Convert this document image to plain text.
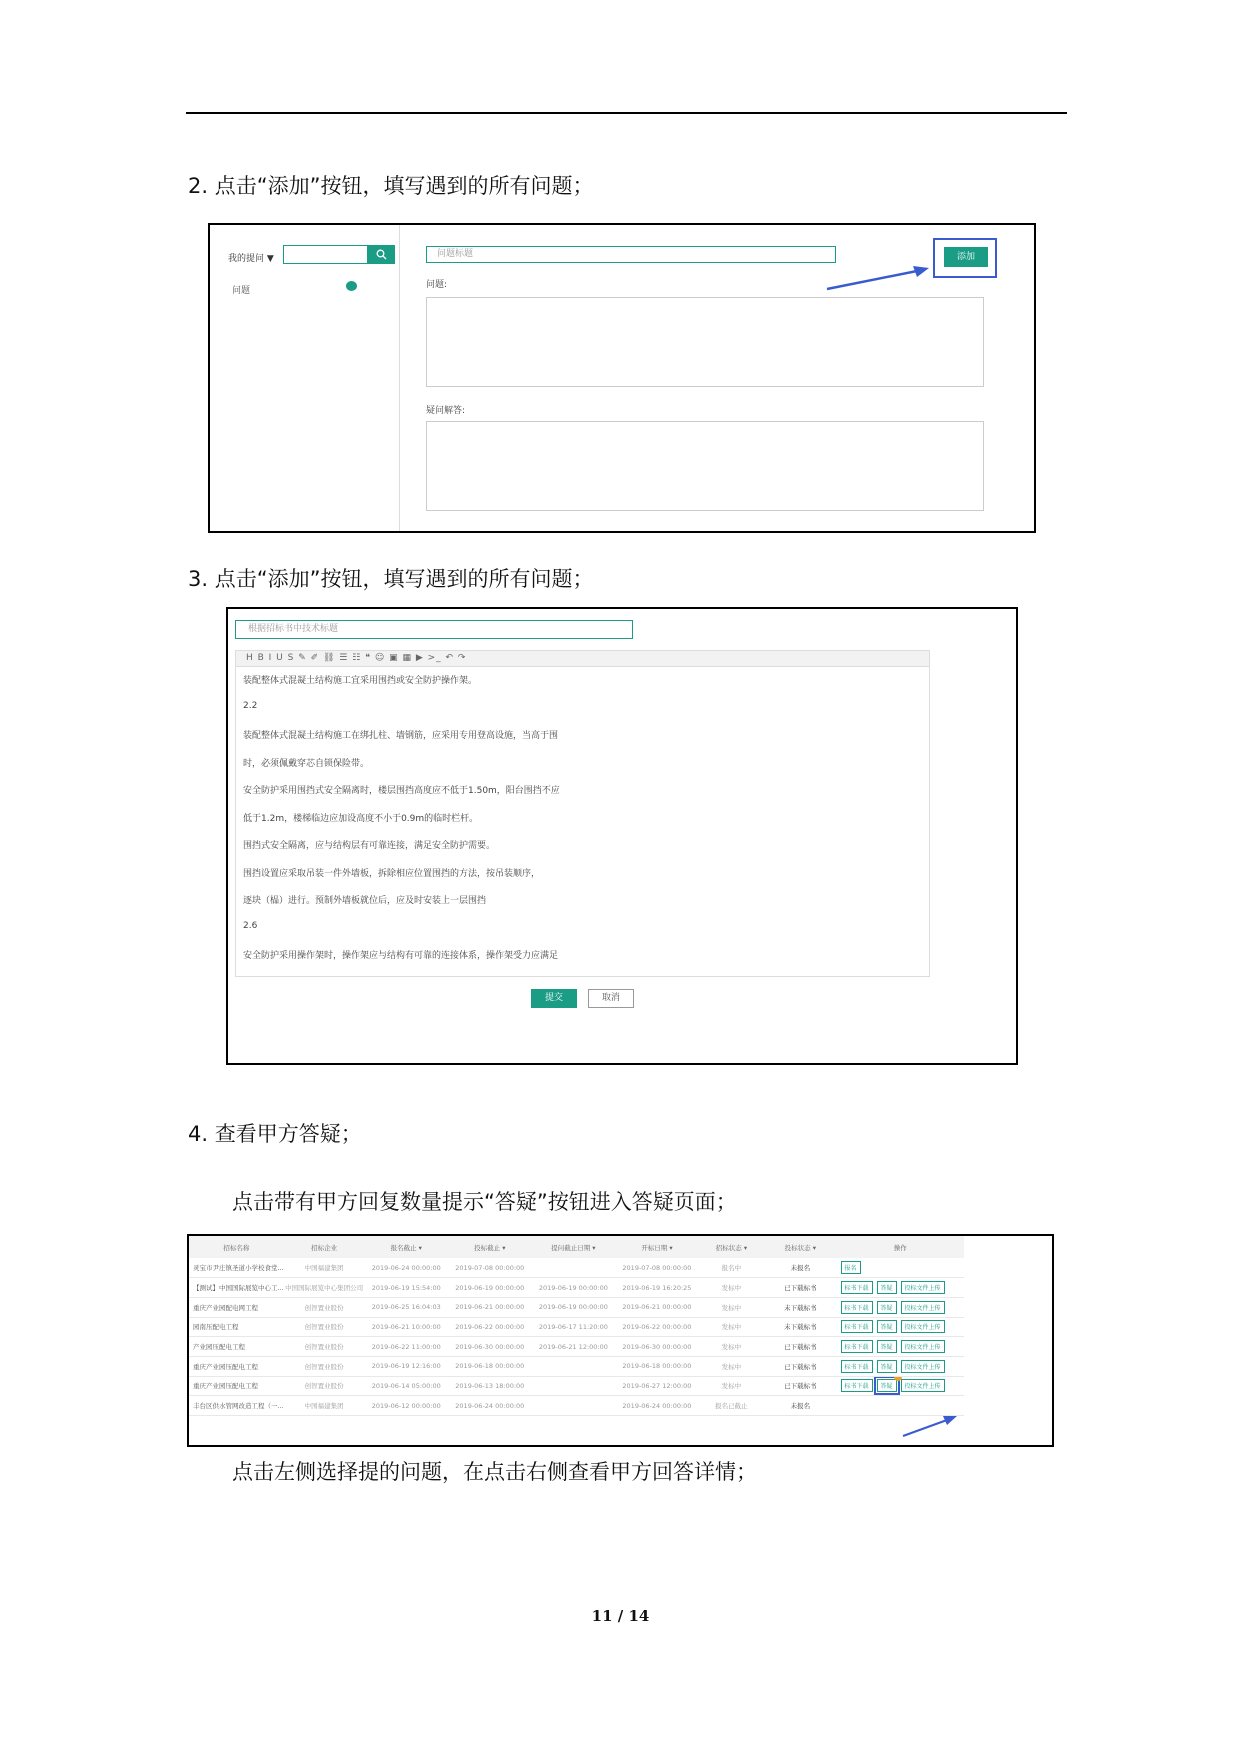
2. 点击“添加”按钮，填写遇到的所有问题；
我的提问 ▼
问题
问题标题	添加
问题:
疑问解答:
3. 点击“添加”按钮，填写遇到的所有问题；
根据招标书中技术标题
H B I U S ✎ ✐ ⛓ ☰ ☷ ❝ ☺ ▣ ▦ ▶ >_ ↶ ↷
装配整体式混凝土结构施工宜采用围挡或安全防护操作架。
2.2
装配整体式混凝土结构施工在绑扎柱、墙钢筋，应采用专用登高设施，当高于围
时，必须佩戴穿芯自锁保险带。
安全防护采用围挡式安全隔离时，楼层围挡高度应不低于1.50m，阳台围挡不应
低于1.2m，楼梯临边应加设高度不小于0.9m的临时栏杆。
围挡式安全隔离，应与结构层有可靠连接，满足安全防护需要。
围挡设置应采取吊装一件外墙板，拆除相应位置围挡的方法，按吊装顺序，
逐块（榀）进行。预制外墙板就位后，应及时安装上一层围挡
2.6
安全防护采用操作架时，操作架应与结构有可靠的连接体系，操作架受力应满足
提交	取消
4. 查看甲方答疑；
点击带有甲方回复数量提示“答疑”按钮进入答疑页面；
招标名称	招标企业	报名截止 ▾	投标截止 ▾	提问截止日期 ▾	开标日期 ▾	招标状态 ▾	投标状态 ▾	操作
灵宝市尹庄镇圣道小学校食堂...	中国福建集团	2019-06-24 00:00:00	2019-07-08 00:00:00		2019-07-08 00:00:00	报名中	未报名	报名

【测试】中国国际展览中心工...	中国国际展览中心集团公司	2019-06-19 15:54:00	2019-06-19 00:00:00	2019-06-19 00:00:00	2019-06-19 16:20:25	发标中	已下载标书	标书下载 答疑 投标文件上传

重庆产业园配电网工程	创智置业股份	2019-06-25 16:04:03	2019-06-21 00:00:00	2019-06-19 00:00:00	2019-06-21 00:00:00	发标中	未下载标书	标书下载 答疑 投标文件上传

园南压配电工程	创智置业股份	2019-06-21 10:00:00	2019-06-22 00:00:00	2019-06-17 11:20:00	2019-06-22 00:00:00	发标中	未下载标书	标书下载 答疑 投标文件上传

产业园压配电工程	创智置业股份	2019-06-22 11:00:00	2019-06-30 00:00:00	2019-06-21 12:00:00	2019-06-30 00:00:00	发标中	已下载标书	标书下载 答疑 投标文件上传

重庆产业园压配电工程	创智置业股份	2019-06-19 12:16:00	2019-06-18 00:00:00		2019-06-18 00:00:00	发标中	已下载标书	标书下载 答疑 投标文件上传

重庆产业园压配电工程	创智置业股份	2019-06-14 05:00:00	2019-06-13 18:00:00		2019-06-27 12:00:00	发标中	已下载标书	标书下载 答疑 投标文件上传

丰台区供水管网改造工程（一...	中国福建集团	2019-06-12 00:00:00	2019-06-24 00:00:00		2019-06-24 00:00:00	报名已截止	未报名	
点击左侧选择提的问题，在点击右侧查看甲方回答详情；
11 / 14
